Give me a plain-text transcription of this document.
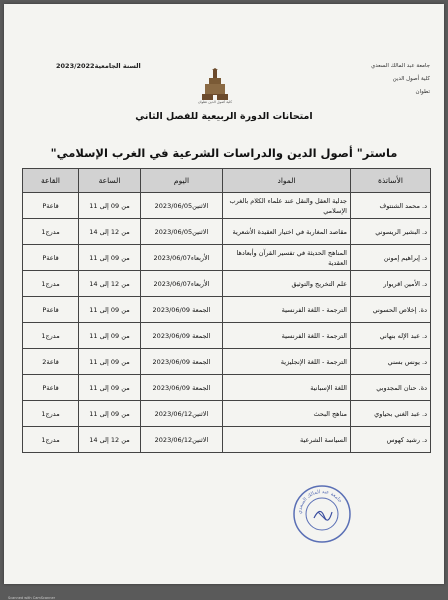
جامعة عبد المالك السعدي
كلية أصول الدين
تطوان
السنة الجامعية2023/2022
كلية أصول الدين تطوان
امتحانات الدورة الربيعية للفصل الثاني
ماستر" أصول الدين والدراسات الشرعية في الغرب الإسلامي"
الأساتذة	المواد	اليوم	الساعة	القاعة
د. محمد الشنتوف	جدلية العقل والنقل عند علماء الكلام بالغرب الإسلامي	الاثنين2023/06/05	من 09 إلى 11	قاعةP
د. البشير الريسوني	مقاصد المغاربة في اختيار العقيدة الأشعرية	الاثنين2023/06/05	من 12 إلى 14	مدرج1
د. إبراهيم إمونن	المناهج الحديثة في تفسير القرآن وأبعادها العقدية	الأربعاء2023/06/07	من 09 إلى 11	قاعةP
د. الأمين اقريوار	علم التخريج والتوثيق	الأربعاء2023/06/07	من 12 إلى 14	مدرج1
دة. إخلاص الحسوني	الترجمة - اللغة الفرنسية	الجمعة 2023/06/09	من 09 إلى 11	قاعةP
د. عبد الإله بنهاني	الترجمة - اللغة الفرنسية	الجمعة 2023/06/09	من 09 إلى 11	مدرج1
د. يونس بسني	الترجمة - اللغة الإنجليزية	الجمعة 2023/06/09	من 09 إلى 11	قاعة2
دة. حنان المجدوبي	اللغة الإسبانية	الجمعة 2023/06/09	من 09 إلى 11	قاعةP
د. عبد الغني بحياوي	مناهج البحث	الاثنين2023/06/12	من 09 إلى 11	مدرج1
د. رشيد كهوس	السياسة الشرعية	الاثنين2023/06/12	من 12 إلى 14	مدرج1
جامعة عبد المالك السعدي
Scanned with CamScanner
